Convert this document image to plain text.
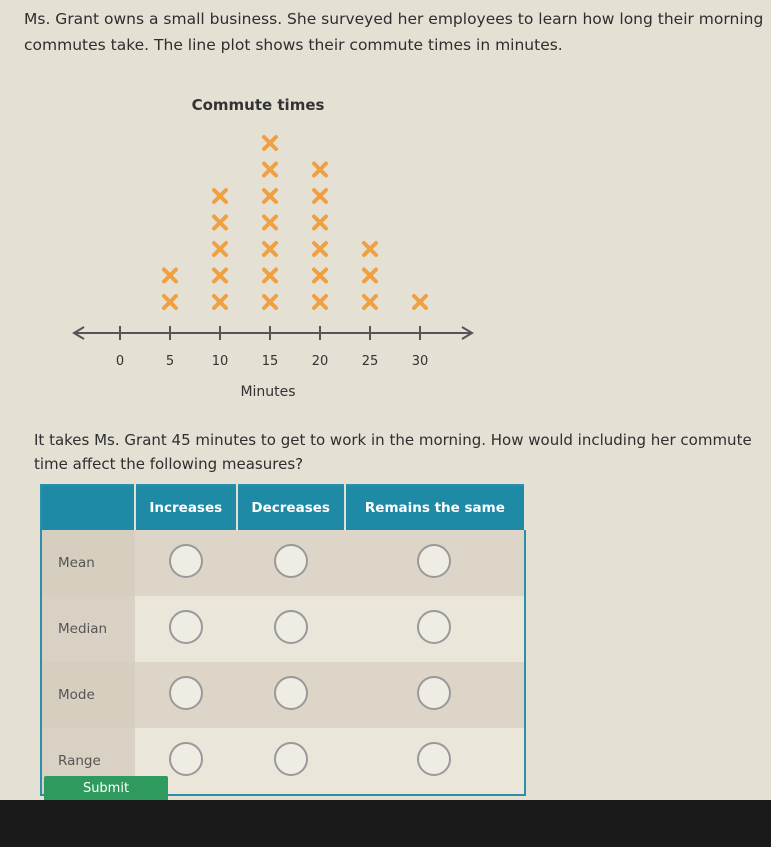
Ms. Grant owns a small business. She surveyed her employees to learn how long their morning commutes take. The line plot shows their commute times in minutes.
Commute times
0	5	10	15	20	25	30
Minutes
It takes Ms. Grant 45 minutes to get to work in the morning. How would including her commute time affect the following measures?
	Increases	Decreases	Remains the same
Mean			
Median			
Mode			
Range			
Submit
